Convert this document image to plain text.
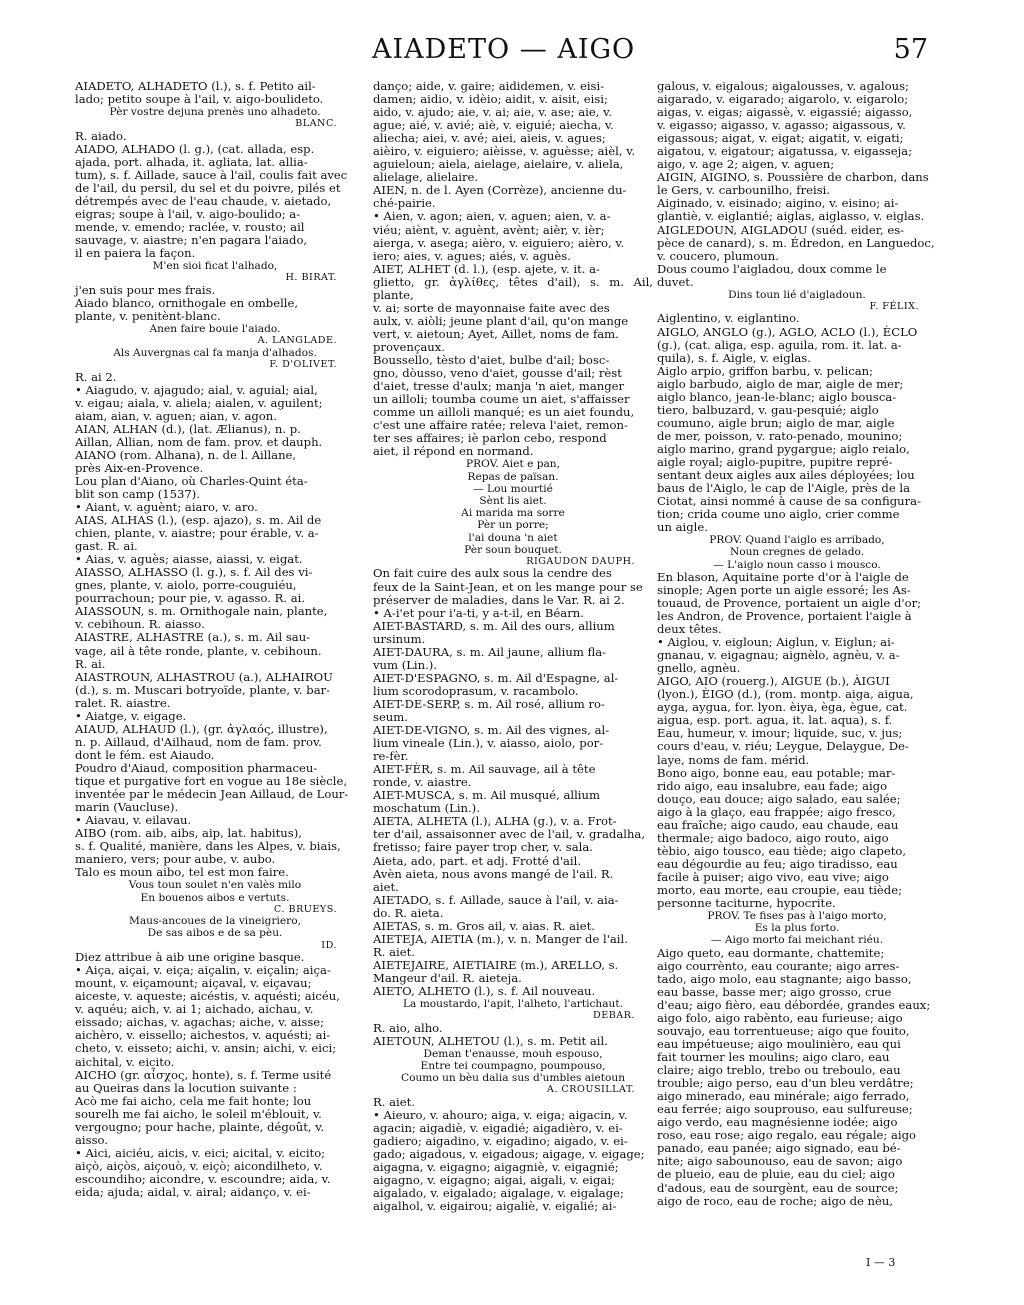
AIADETO — AIGO	57

AIADETO, ALHADETO (l.), s. f. Petito ail-

lado; petito soupe à l'ail, v. aigo-boulideto.

Pèr vostre dejuna prenès uno alhadeto.

BLANC.

R. aiado.

AIADO, ALHADO (l. g.), (cat. allada, esp.

ajada, port. alhada, it. agliata, lat. allia-

tum), s. f. Aillade, sauce à l'ail, coulis fait avec

de l'ail, du persil, du sel et du poivre, pilés et

détrempés avec de l'eau chaude, v. aietado,

eigras; soupe à l'ail, v. aigo-boulido; a-

mende, v. emendo; raclée, v. rousto; ail

sauvage, v. aiastre; n'en pagara l'aiado,

il en paiera la façon.

M'en sioi ficat l'alhado,

H. BIRAT.

j'en suis pour mes frais.

Aiado blanco, ornithogale en ombelle,

plante, v. penitènt-blanc.

Anen faire bouie l'aiado.

A. LANGLADE.

Als Auvergnas cal fa manja d'alhados.

F. D'OLIVET.

R. ai 2.

• Aiagudo, v. ajagudo; aial, v. aguial; aial,

v. eigau; aiala, v. aliela; aialen, v. aguilent;

aiam, aian, v. aguen; aian, v. agon.

AIAN, ALHAN (d.), (lat. Ælianus), n. p.

Aillan, Allian, nom de fam. prov. et dauph.

AIANO (rom. Alhana), n. de l. Aillane,

près Aix-en-Provence.

Lou plan d'Aiano, où Charles-Quint éta-

blit son camp (1537).

• Aiant, v. aguènt; aiaro, v. aro.

AIAS, ALHAS (l.), (esp. ajazo), s. m. Ail de

chien, plante, v. aiastre; pour érable, v. a-

gast. R. ai.

• Aias, v. aguès; aiasse, aiassi, v. eigat.

AIASSO, ALHASSO (l. g.), s. f. Ail des vi-

gnes, plante, v. aiolo, porre-couguiéu,

pourrachoun; pour pie, v. agasso. R. ai.

AIASSOUN, s. m. Ornithogale nain, plante,

v. cebihoun. R. aiasso.

AIASTRE, ALHASTRE (a.), s. m. Ail sau-

vage, ail à tête ronde, plante, v. cebihoun.

R. ai.

AIASTROUN, ALHASTROU (a.), ALHAIROU

(d.), s. m. Muscari botryoïde, plante, v. bar-

ralet. R. aiastre.

• Aiatge, v. eigage.

AIAUD, ALHAUD (l.), (gr. ἀγλαός, illustre),

n. p. Aillaud, d'Ailhaud, nom de fam. prov.

dont le fém. est Aiaudo.

Poudro d'Aiaud, composition pharmaceu-

tique et purgative fort en vogue au 18e siècle,

inventée par le médecin Jean Aillaud, de Lour-

marin (Vaucluse).

• Aiavau, v. eilavau.

AIBO (rom. aib, aibs, aip, lat. habitus),

s. f. Qualité, manière, dans les Alpes, v. biais,

maniero, vers; pour aube, v. aubo.

Talo es moun aibo, tel est mon faire.

Vous toun soulet n'en valès milo

En bouenos aibos e vertuts.

C. BRUEYS.

Maus-ancoues de la vineigriero,

De sas aibos e de sa pèu.

ID.

Diez attribue à aib une origine basque.

• Aiça, aiçai, v. eiça; aiçalin, v. eiçalin; aiça-

mount, v. eiçamount; aiçaval, v. eiçavau;

aiceste, v. aqueste; aicéstis, v. aquésti; aicéu,

v. aquéu; aich, v. ai 1; aichado, aichau, v.

eissado; aichas, v. agachas; aiche, v. aisse;

aichèro, v. eissello; aichestos, v. aquésti; ai-

cheto, v. eisseto; aichi, v. ansin; aichi, v. eici;

aichital, v. eicito.

AICHO (gr. αἶσχος, honte), s. f. Terme usité

au Queiras dans la locution suivante :

Acò me fai aicho, cela me fait honte; lou

sourelh me fai aicho, le soleil m'éblouit, v.

vergougno; pour hache, plainte, dégoût, v.

aisso.

• Aici, aiciéu, aicis, v. eici; aicital, v. eicito;

aiçò, aiçòs, aiçouò, v. eiçò; aicondilheto, v.

escoundiho; aicondre, v. escoundre; aida, v.

eida; ajuda; aidal, v. airal; aidanço, v. ei-

danço; aide, v. gaire; aididemen, v. eisi-

damen; aidio, v. idèio; aidit, v. aisit, eisi;

aido, v. ajudo; aie, v. ai; aie, v. ase; aie, v.

ague; aié, v. avié; aiè, v. eiguié; aiecha, v.

aliecha; aiei, v. avé; aiei, aieis, v. agues;

aièiro, v. eiguiero; aièisse, v. aguèsse; aièl, v.

aguieloun; aiela, aielage, aielaire, v. aliela,

alielage, alielaire.

AIEN, n. de l. Ayen (Corrèze), ancienne du-

ché-pairie.

• Aien, v. agon; aien, v. aguen; aien, v. a-

viéu; aiènt, v. aguènt, avènt; aièr, v. ièr;

aierga, v. asega; aièro, v. eiguiero; aièro, v.

iero; aies, v. agues; aiés, v. aguès.

AIET, ALHET (d. l.), (esp. ajete, v. it. a-

glietto, gr. ἀγλίθες, têtes d'ail), s. m. Ail, plante,

v. ai; sorte de mayonnaise faite avec des

aulx, v. aiòli; jeune plant d'ail, qu'on mange

vert, v. aietoun; Ayet, Aillet, noms de fam.

provençaux.

Boussello, tèsto d'aiet, bulbe d'ail; bosc-

gno, dòusso, veno d'aiet, gousse d'ail; rèst

d'aiet, tresse d'aulx; manja 'n aiet, manger

un ailloli; toumba coume un aiet, s'affaisser

comme un ailloli manqué; es un aiet foundu,

c'est une affaire ratée; releva l'aiet, remon-

ter ses affaires; iè parlon cebo, respond

aiet, il répond en normand.

PROV. Aiet e pan,

Repas de païsan.

— Lou mourtié

Sènt lis aiet.

Ai marida ma sorre

Pèr un porre;

l'ai douna 'n aiet

Pèr soun bouquet.

RIGAUDON DAUPH.

On fait cuire des aulx sous la cendre des

feux de la Saint-Jean, et on les mange pour se

préserver de maladies, dans le Var. R. ai 2.

• A-i'et pour i'a-ti, y a-t-il, en Béarn.

AIET-BASTARD, s. m. Ail des ours, allium

ursinum.

AIET-DAURA, s. m. Ail jaune, allium fla-

vum (Lin.).

AIET-D'ESPAGNO, s. m. Ail d'Espagne, al-

lium scorodoprasum, v. racambolo.

AIET-DE-SERP, s. m. Ail rosé, allium ro-

seum.

AIET-DE-VIGNO, s. m. Ail des vignes, al-

lium vineale (Lin.), v. aiasso, aiolo, por-

re-fèr.

AIET-FÈR, s. m. Ail sauvage, ail à tête

ronde, v. aiastre.

AIET-MUSCA, s. m. Ail musqué, allium

moschatum (Lin.).

AIETA, ALHETA (l.), ALHA (g.), v. a. Frot-

ter d'ail, assaisonner avec de l'ail, v. gradalha,

fretisso; faire payer trop cher, v. sala.

Aieta, ado, part. et adj. Frotté d'ail.

Avèn aieta, nous avons mangé de l'ail. R.

aiet.

AIETADO, s. f. Aillade, sauce à l'ail, v. aia-

do. R. aieta.

AIETAS, s. m. Gros ail, v. aias. R. aiet.

AIETEJA, AIETIA (m.), v. n. Manger de l'ail.

R. aiet.

AIETEJAIRE, AIETIAIRE (m.), ARELLO, s.

Mangeur d'ail. R. aieteja.

AIETO, ALHETO (l.), s. f. Ail nouveau.

La moustardo, l'apit, l'alheto, l'artichaut.

DEBAR.

R. aio, alho.

AIETOUN, ALHETOU (l.), s. m. Petit ail.

Deman t'enausse, mouh espouso,

Entre tei coumpagno, poumpouso,

Coumo un bèu dalia sus d'umbles aietoun

A. CROUSILLAT.

R. aiet.

• Aieuro, v. ahouro; aiga, v. eiga; aigacin, v.

agacin; aigadiè, v. eigadié; aigadièro, v. ei-

gadiero; aigadino, v. eigadino; aigado, v. ei-

gado; aigadous, v. eigadous; aigage, v. eigage;

aigagna, v. eigagno; aigagniè, v. eigagnié;

aigagno, v. eigagno; aigai, aigali, v. eigai;

aigalado, v. eigalado; aigalage, v. eigalage;

aigalhol, v. eigairou; aigaliè, v. eigalié; ai-

galous, v. eigalous; aigalousses, v. agalous;

aigarado, v. eigarado; aigarolo, v. eigarolo;

aigas, v. eigas; aigassè, v. eigassié; aigasso,

v. eigasso; aigasso, v. agasso; aigassous, v.

eigassous; aigat, v. eigat; aigatit, v. eigati;

aigatou, v. eigatour; aigatussa, v. eigasseja;

aigo, v. age 2; aigen, v. aguen;

AIGIN, AIGINO, s. Poussière de charbon, dans

le Gers, v. carbounilho, freisi.

Aiginado, v. eisinado; aigino, v. eisino; ai-

glantiè, v. eiglantié; aiglas, aiglasso, v. eiglas.

AIGLEDOUN, AIGLADOU (suéd. eider, es-

pèce de canard), s. m. Édredon, en Languedoc,

v. coucero, plumoun.

Dous coumo l'aigladou, doux comme le

duvet.

Dins toun lié d'aigladoun.

F. FÉLIX.

Aiglentino, v. eiglantino.

AIGLO, ANGLO (g.), AGLO, ACLO (l.), ÈCLO

(g.), (cat. aliga, esp. aguila, rom. it. lat. a-

quila), s. f. Aigle, v. eiglas.

Aiglo arpio, griffon barbu, v. pelican;

aiglo barbudo, aiglo de mar, aigle de mer;

aiglo blanco, jean-le-blanc; aiglo bousca-

tiero, balbuzard, v. gau-pesquié; aiglo

coumuno, aigle brun; aiglo de mar, aigle

de mer, poisson, v. rato-penado, mounino;

aiglo marino, grand pygargue; aiglo reialo,

aigle royal; aiglo-pupitre, pupitre repré-

sentant deux aigles aux ailes déployées; lou

baus de l'Aiglo, le cap de l'Aigle, près de la

Ciotat, ainsi nommé à cause de sa configura-

tion; crida coume uno aiglo, crier comme

un aigle.

PROV. Quand l'aiglo es arribado,

Noun cregnes de gelado.

— L'aiglo noun casso i mousco.

En blason, Aquitaine porte d'or à l'aigle de

sinople; Agen porte un aigle essoré; les As-

touaud, de Provence, portaient un aigle d'or;

les Andron, de Provence, portaient l'aigle à

deux têtes.

• Aiglou, v. eigloun; Aiglun, v. Eiglun; ai-

gnanau, v. eigagnau; aignèlo, agnèu, v. a-

gnello, agnèu.

AIGO, AIO (rouerg.), AIGUE (b.), ÀIGUI

(lyon.), ÈIGO (d.), (rom. montp. aiga, aigua,

ayga, aygua, for. lyon. èiya, èga, ègue, cat.

aigua, esp. port. agua, it. lat. aqua), s. f.

Eau, humeur, v. imour; liquide, suc, v. jus;

cours d'eau, v. riéu; Leygue, Delaygue, De-

laye, noms de fam. mérid.

Bono aigo, bonne eau, eau potable; mar-

rido aigo, eau insalubre, eau fade; aigo

douço, eau douce; aigo salado, eau salée;

aigo à la glaço, eau frappée; aigo fresco,

eau fraîche; aigo caudo, eau chaude, eau

thermale; aigo badoco, aigo routo, aigo

tèbio, aigo tousco, eau tiède; aigo clapeto,

eau dégourdie au feu; aigo tiradisso, eau

facile à puiser; aigo vivo, eau vive; aigo

morto, eau morte, eau croupie, eau tiède;

personne taciturne, hypocrite.

PROV. Te fises pas à l'aigo morto,

Es la plus forto.

— Aigo morto fai meichant riéu.

Aigo queto, eau dormante, chattemite;

aigo courrènto, eau courante; aigo arres-

tado, aigo molo, eau stagnante; aigo basso,

eau basse, basse mer; aigo grosso, crue

d'eau; aigo fièro, eau débordée, grandes eaux;

aigo folo, aigo rabènto, eau furieuse; aigo

souvajo, eau torrentueuse; aigo que fouito,

eau impétueuse; aigo moulinièro, eau qui

fait tourner les moulins; aigo claro, eau

claire; aigo treblo, trebo ou treboulo, eau

trouble; aigo perso, eau d'un bleu verdâtre;

aigo minerado, eau minérale; aigo ferrado,

eau ferrée; aigo souprouso, eau sulfureuse;

aigo verdo, eau magnésienne iodée; aigo

roso, eau rose; aigo regalo, eau régale; aigo

panado, eau panée; aigo signado, eau bé-

nite; aigo sabounouso, eau de savon; aigo

de plueio, eau de pluie, eau du ciel; aigo

d'adous, eau de sourgènt, eau de source;

aigo de roco, eau de roche; aigo de nèu,

I — 3
